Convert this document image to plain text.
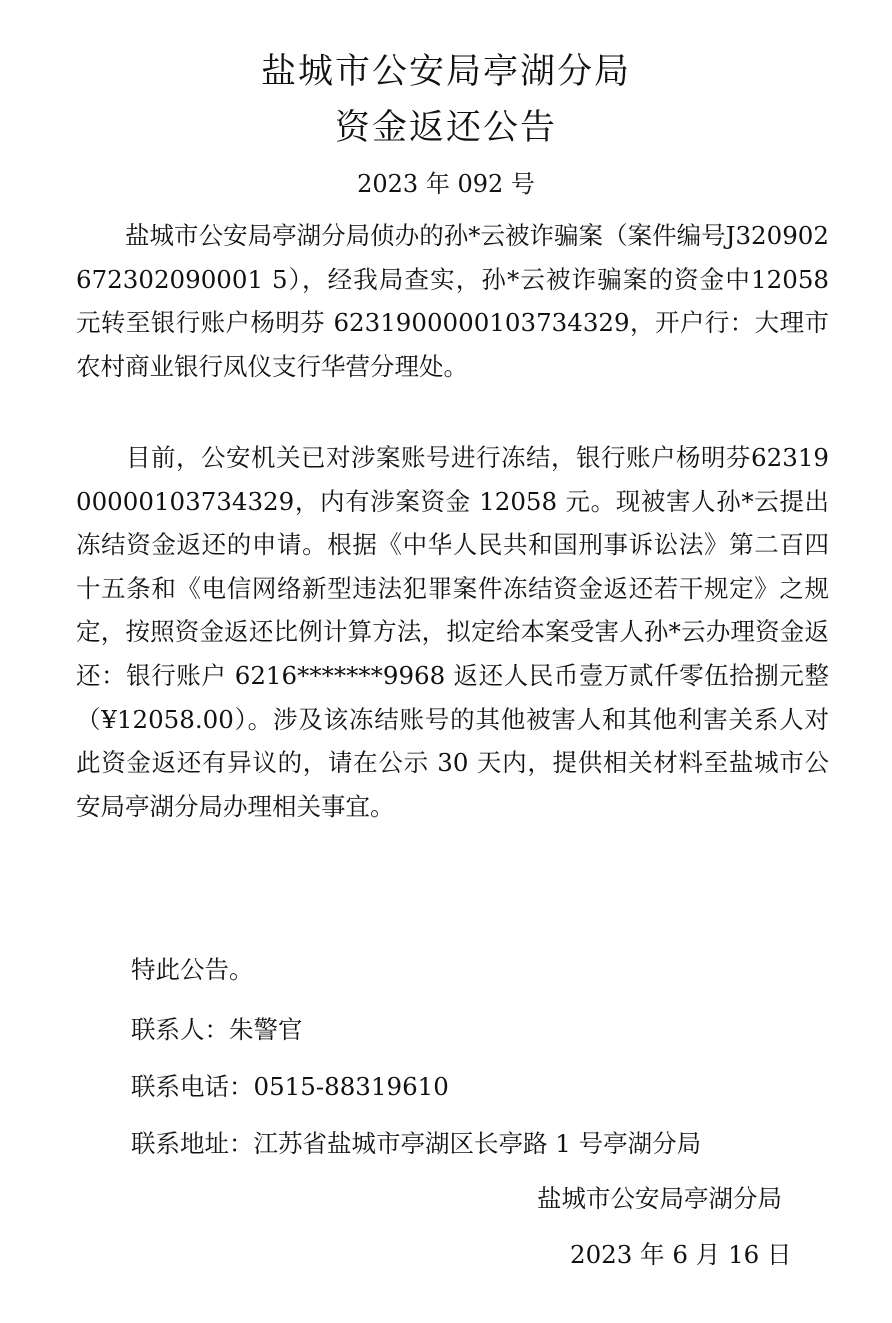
盐城市公安局亭湖分局
资金返还公告
2023 年 092 号

　　盐城市公安局亭湖分局侦办的孙*云被诈骗案（案件编号J320902672302090001 5），经我局查实，孙*云被诈骗案的资金中12058 元转至银行账户杨明芬 6231900000103734329，开户行：大理市农村商业银行凤仪支行华营分理处。

　　目前，公安机关已对涉案账号进行冻结，银行账户杨明芬6231900000103734329，内有涉案资金 12058 元。现被害人孙*云提出冻结资金返还的申请。根据《中华人民共和国刑事诉讼法》第二百四十五条和《电信网络新型违法犯罪案件冻结资金返还若干规定》之规定，按照资金返还比例计算方法，拟定给本案受害人孙*云办理资金返还：银行账户 6216*******9968 返还人民币壹万贰仟零伍拾捌元整（¥12058.00）。涉及该冻结账号的其他被害人和其他利害关系人对此资金返还有异议的，请在公示 30 天内，提供相关材料至盐城市公安局亭湖分局办理相关事宜。

特此公告。

联系人：朱警官

联系电话：0515-88319610

联系地址：江苏省盐城市亭湖区长亭路 1 号亭湖分局

盐城市公安局亭湖分局

2023 年 6 月 16 日
